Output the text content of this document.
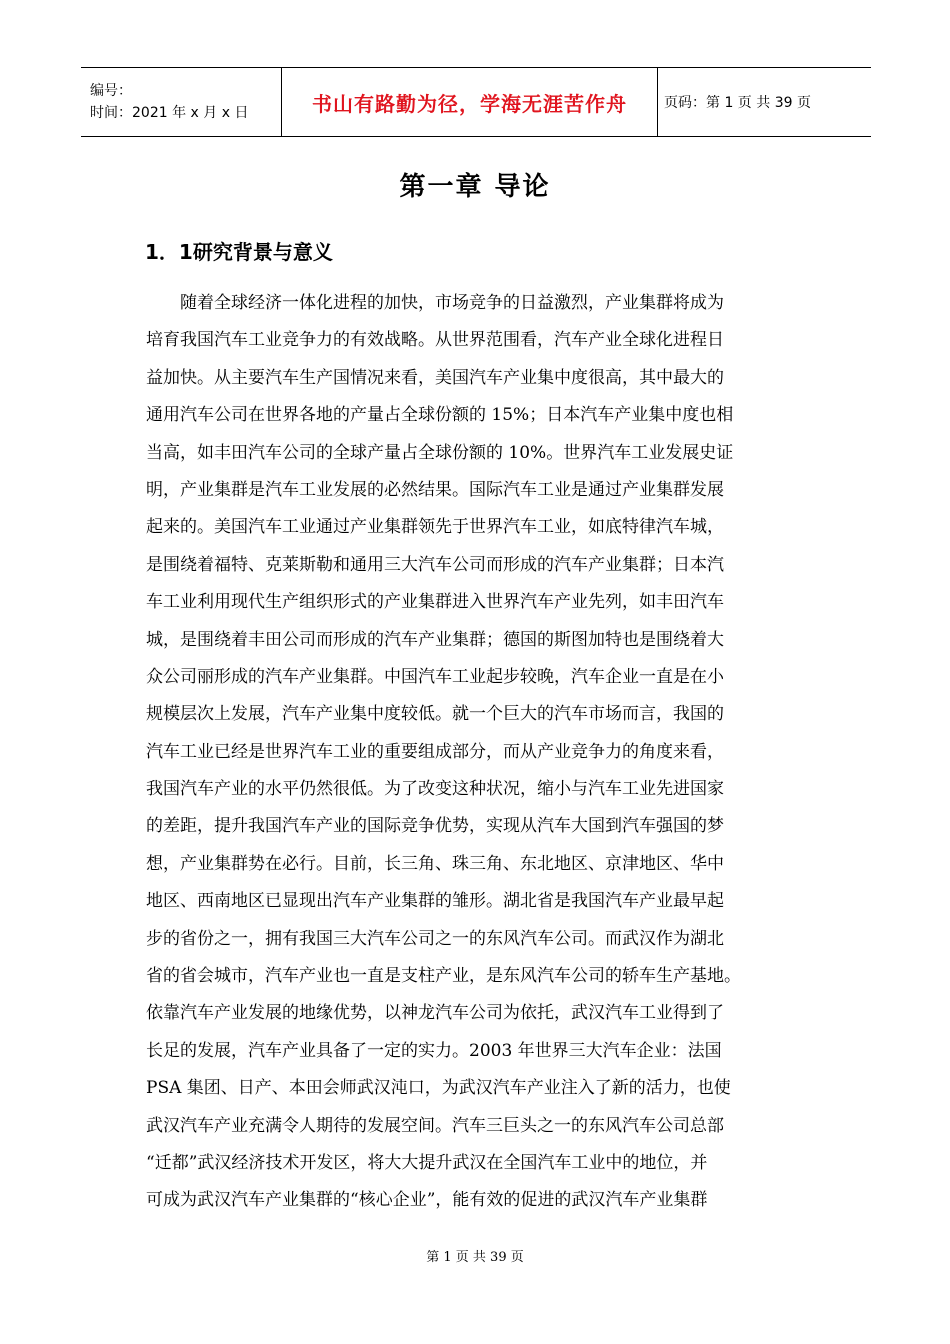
编号：
时间：2021 年 x 月 x 日	书山有路勤为径，学海无涯苦作舟	页码：第 1 页 共 39 页
第一章 导论
1．1研究背景与意义
随着全球经济一体化进程的加快，市场竞争的日益激烈，产业集群将成为
培育我国汽车工业竞争力的有效战略。从世界范围看，汽车产业全球化进程日
益加快。从主要汽车生产国情况来看，美国汽车产业集中度很高，其中最大的
通用汽车公司在世界各地的产量占全球份额的 15%；日本汽车产业集中度也相
当高，如丰田汽车公司的全球产量占全球份额的 10%。世界汽车工业发展史证
明，产业集群是汽车工业发展的必然结果。国际汽车工业是通过产业集群发展
起来的。美国汽车工业通过产业集群领先于世界汽车工业，如底特律汽车城，
是围绕着福特、克莱斯勒和通用三大汽车公司而形成的汽车产业集群；日本汽
车工业利用现代生产组织形式的产业集群进入世界汽车产业先列，如丰田汽车
城，是围绕着丰田公司而形成的汽车产业集群；德国的斯图加特也是围绕着大
众公司丽形成的汽车产业集群。中国汽车工业起步较晚，汽车企业一直是在小
规模层次上发展，汽车产业集中度较低。就一个巨大的汽车市场而言，我国的
汽车工业已经是世界汽车工业的重要组成部分，而从产业竞争力的角度来看，
我国汽车产业的水平仍然很低。为了改变这种状况，缩小与汽车工业先进国家
的差距，提升我国汽车产业的国际竞争优势，实现从汽车大国到汽车强国的梦
想，产业集群势在必行。目前，长三角、珠三角、东北地区、京津地区、华中
地区、西南地区已显现出汽车产业集群的雏形。湖北省是我国汽车产业最早起
步的省份之一，拥有我国三大汽车公司之一的东风汽车公司。而武汉作为湖北
省的省会城市，汽车产业也一直是支柱产业，是东风汽车公司的轿车生产基地。
依靠汽车产业发展的地缘优势，以神龙汽车公司为依托，武汉汽车工业得到了
长足的发展，汽车产业具备了一定的实力。2003 年世界三大汽车企业：法国
PSA 集团、日产、本田会师武汉沌口，为武汉汽车产业注入了新的活力，也使
武汉汽车产业充满令人期待的发展空间。汽车三巨头之一的东风汽车公司总部
“迁都”武汉经济技术开发区，将大大提升武汉在全国汽车工业中的地位，并
可成为武汉汽车产业集群的“核心企业”，能有效的促进的武汉汽车产业集群
第 1 页 共 39 页
